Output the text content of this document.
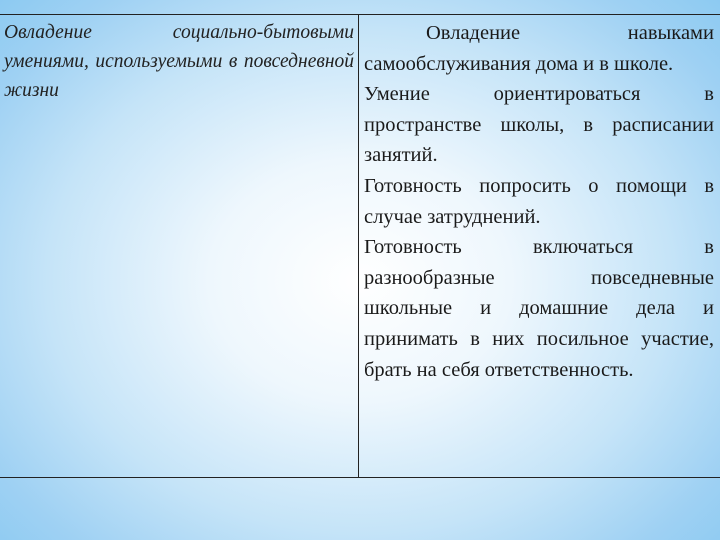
Овладение социально-бытовыми умениями, используемыми в повседневной жизни

Овладение навыками самообслуживания дома и в школе.

Умение ориентироваться в пространстве школы, в расписании занятий.

Готовность попросить о помощи в случае затруднений.

Готовность включаться в разнообразные повседневные школьные и домашние дела и принимать в них посильное участие, брать на себя ответственность.
